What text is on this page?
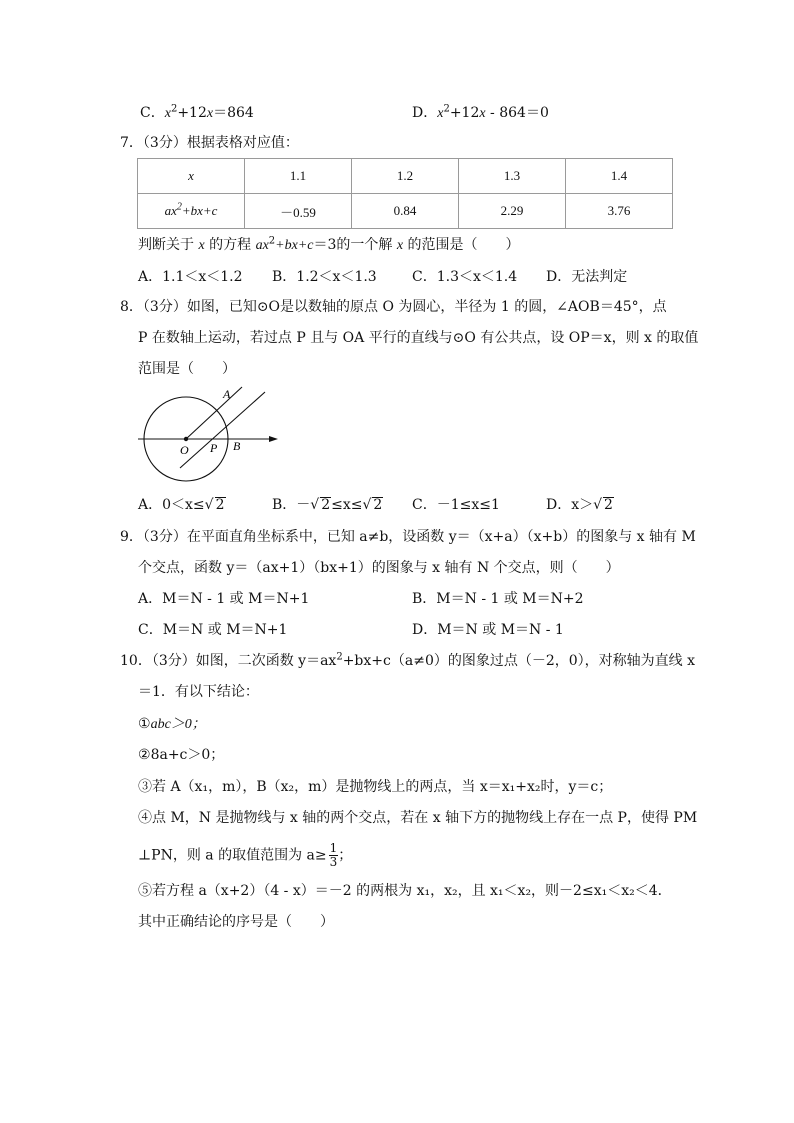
C．$x^2+12x=864$	D．$x^2+12x - 864=0$
7．（3分）根据表格对应值：
x	1.1	1.2	1.3	1.4
$ax^2+bx+c$	－0.59	0.84	2.29	3.76
判断关于 x 的方程 $ax^2+bx+c=3$的一个解 x 的范围是（　　）
A．1.1＜x＜1.2 B．1.2＜x＜1.3	C．1.3＜x＜1.4 D．无法判定
8．（3分）如图，已知⊙O是以数轴的原点 O 为圆心，半径为 1 的圆，∠AOB＝45°，点
P 在数轴上运动，若过点 P 且与 OA 平行的直线与⊙O 有公共点，设 OP＝x，则 x 的取值
范围是（　　）
A
O P B
A．0＜x≤√ 2	B．－√ 2≤x≤√ 2 C．－1≤x≤1	D．x＞√ 2
9．（3分）在平面直角坐标系中，已知 a≠b，设函数 y＝（x+a）（x+b）的图象与 x 轴有 M
个交点，函数 y＝（ax+1）（bx+1）的图象与 x 轴有 N 个交点，则（　　）
A．M＝N - 1 或 M＝N+1	B．M＝N - 1 或 M＝N+2
C．M＝N 或 M＝N+1	D．M＝N 或 M＝N - 1
10．（3分）如图，二次函数 $y=ax^2+bx+c(a\ne 0)$的图象过点（－2，0），对称轴为直线 x
＝1．有以下结论：
①abc＞0；
②8a+c＞0；
③若 A（x₁，m），B（x₂，m）是抛物线上的两点，当 x＝x₁+x₂时，y＝c；
④点 M，N 是抛物线与 x 轴的两个交点，若在 x 轴下方的抛物线上存在一点 P，使得 PM
⊥PN，则 a 的取值范围为 $a\ge \frac{1}{3}$ ；
⑤若方程 a（x+2）（4 - x）＝－2 的两根为 x₁，x₂，且 x₁＜x₂，则－2≤x₁＜x₂＜4．
其中正确结论的序号是（　　）
